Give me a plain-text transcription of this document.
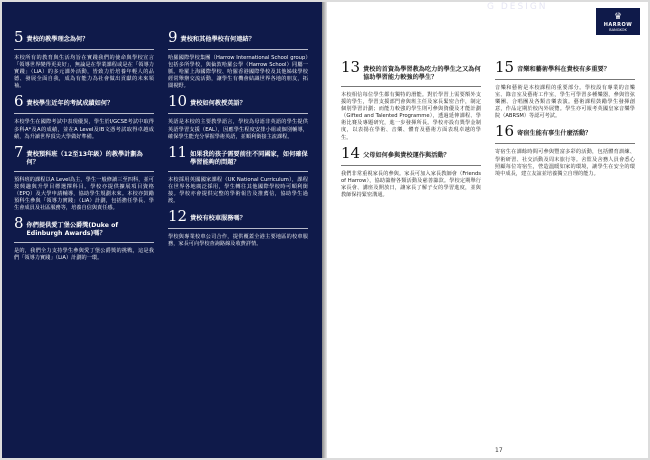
5 貴校的教學理念為何？

本校所有的教育與生活均旨在實踐我們的使命與學校宣言「領導世界變得更美好」，無論是在學業課程或是在「領導力實踐」（LiA）的多元課外活動，皆致力於培養年輕人的品德、發展全面自我，成為有能力為社會做出貢獻的未來領袖。

6 貴校學生近年的考試成績如何？

本校學生在國際考試中表現優異，學生於I/GCSE考試中取得多科A*及A的成績，並在A Level及IB文憑考試取得卓越成績，為升讀世界頂尖大學做好準備。

7 貴校預科班（12至13年級）的教學計劃為何？

預科班的課程以A Level為主，學生一般修讀三至四科，並可按興趣與升學目標選擇科目。學校亦提供擴展項目資格（EPQ）及大學申請輔導，協助學生規劃未來。本校亦鼓勵預科生參與「領導力實踐」（LiA）計劃，包括擔任學長、學生會成員及社區服務等，培養自信與責任感。

8 你們提供愛丁堡公爵獎(Duke of Edinburgh Awards)嗎？

是的，我們全力支持學生參與愛丁堡公爵獎的挑戰，這是我們「領導力實踐」（LiA）計劃的一環。

9 貴校和其他學校有何連結？

哈羅國際學校集團（Harrow International School group）包括多所學校，與倫敦哈羅公學（Harrow School）同屬一脈。哈羅上海國際學校、哈羅香港國際學校及其他姊妹學校經常舉辦交流活動，讓學生有機會結識世界各地的朋友，拓闊視野。

10 貴校如何教授英語？

英語是本校的主要教學語言，學校為母語非英語的學生提供英語學習支援（EAL），因應學生程度安排小組或個別輔導，確保學生能充分掌握學術英語，並順利銜接主流課程。

11 如果我的孩子需要前往不同國家，如何確保學習能夠的問題？

本校採用英國國家課程（UK National Curriculum），課程在世界各地廣泛採用，學生轉往其他國際學校時可順利銜接。學校亦會提供完整的學術報告及推薦信，協助學生過渡。

12 貴校有校車服務嗎？

學校與專業校車公司合作，提供覆蓋全港主要地區的校車服務，家長可向學校查詢路線及收費詳情。

G DESIGN
♛
HARROW
BANGKOK
13 貴校的首資為學習教為吃力的學生之又為何協助學習能力較強的學生？

本校相信每位學生都有獨特的潛能。對於學習上需要額外支援的學生，學習支援部門會與班主任及家長緊密合作，制定個別學習計劃；而能力較強的學生則可參與資優及才能計劃（Gifted and Talented Programme），透過延伸課程、學術比賽及專題研究，進一步發揮所長。學校亦設有獎學金制度，以表揚在學術、音樂、體育及藝術方面表現卓越的學生。

14 父母如何參與貴校運作與活動？

我們非常重視家長的參與。家長可加入家長教師會（Friends of Harrow），協助籌辦各類活動及慈善籌款。學校定期舉行家長會、講座及開放日，讓家長了解子女的學習進度，並與教師保持緊密溝通。

15 音樂和藝術學科在貴校有多重要？

音樂和藝術是本校課程的重要部分。學校設有專業的音樂室、錄音室及藝術工作室，學生可學習多種樂器，參與管弦樂團、合唱團及各類音樂表演。藝術課程鼓勵學生發揮創意，作品定期於校內外展覽。學生亦可報考英國皇家音樂學院（ABRSM）等認可考試。

16 寄宿生能有事生什麼活動？

寄宿生在課餘時間可參與豐富多彩的活動，包括體育訓練、學術研習、社交活動及周末旅行等。舍監及舍務人員會悉心照顧每位寄宿生，營造溫暖如家的環境，讓學生在安全的環境中成長，建立友誼並培養獨立自理的能力。

17
